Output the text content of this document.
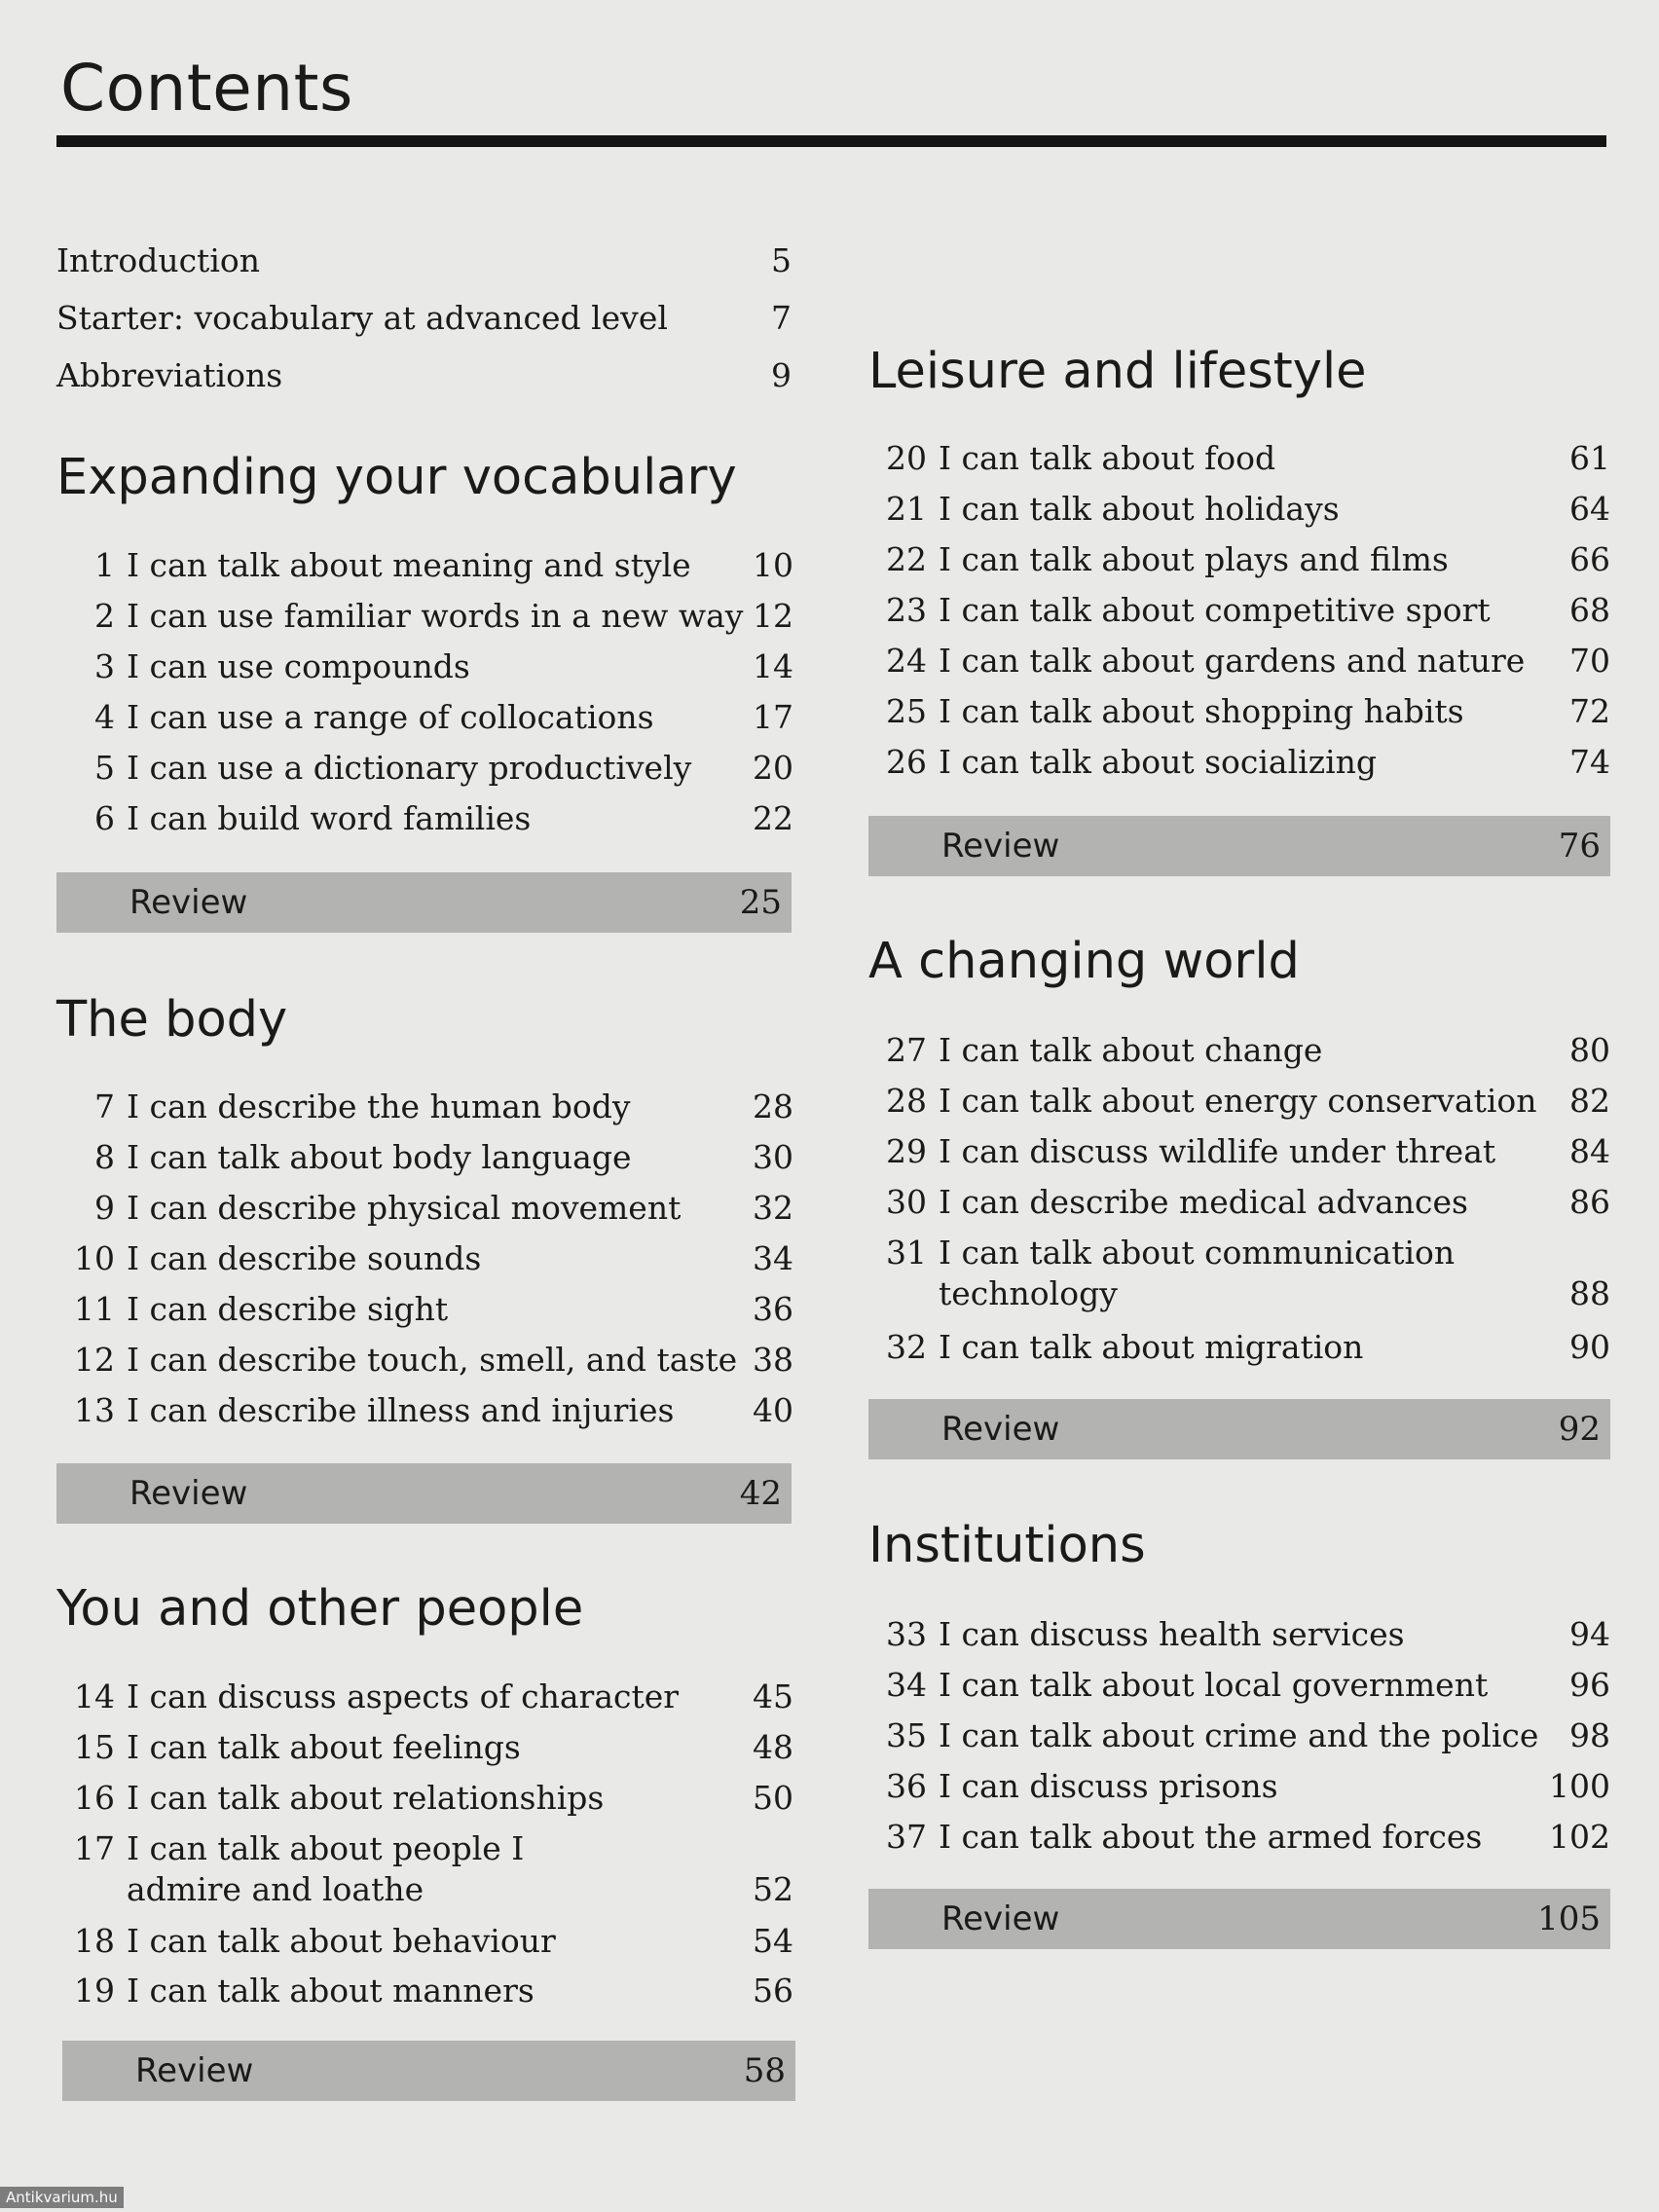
Contents
Introduction	5
Starter: vocabulary at advanced level	7
Abbreviations	9
Expanding your vocabulary
1 I can talk about meaning and style	10
2 I can use familiar words in a new way 12
3 I can use compounds	14
4 I can use a range of collocations	17
5 I can use a dictionary productively	20
6 I can build word families	22
Review	25
The body
7 I can describe the human body	28
8 I can talk about body language	30
9 I can describe physical movement	32
10 I can describe sounds	34
11 I can describe sight	36
12 I can describe touch, smell, and taste 38
13 I can describe illness and injuries	40
Review	42
You and other people
14 I can discuss aspects of character	45
15 I can talk about feelings	48
16 I can talk about relationships	50
17 I can talk about people I admire and loathe	52
18 I can talk about behaviour	54
19 I can talk about manners	56
Review	58
Leisure and lifestyle
20 I can talk about food	61
21 I can talk about holidays	64
22 I can talk about plays and films	66
23 I can talk about competitive sport	68
24 I can talk about gardens and nature	70
25 I can talk about shopping habits	72
26 I can talk about socializing	74
Review	76
A changing world
27 I can talk about change	80
28 I can talk about energy conservation	82
29 I can discuss wildlife under threat	84
30 I can describe medical advances	86
31 I can talk about communication technology	88
32 I can talk about migration	90
Review	92
Institutions
33 I can discuss health services	94
34 I can talk about local government	96
35 I can talk about crime and the police 98
36 I can discuss prisons	100
37 I can talk about the armed forces	102
Review	105
Antikvarium.hu
